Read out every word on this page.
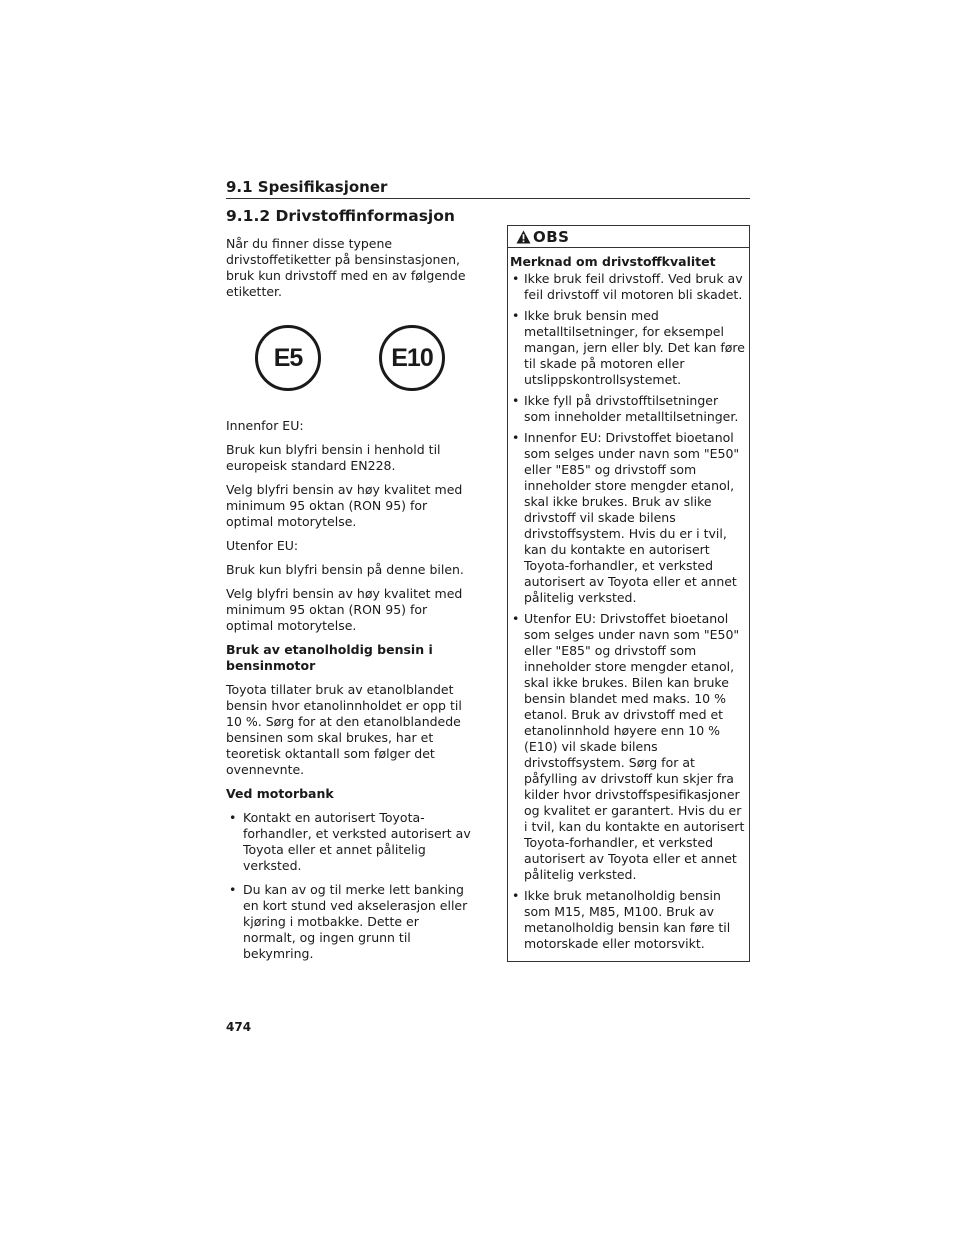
9.1 Spesifikasjoner
9.1.2 Drivstoffinformasjon

Når du finner disse typene drivstoffetiketter på bensinstasjonen, bruk kun drivstoff med en av følgende etiketter.

E5	E10

Innenfor EU:

Bruk kun blyfri bensin i henhold til europeisk standard EN228.

Velg blyfri bensin av høy kvalitet med minimum 95 oktan (RON 95) for optimal motorytelse.

Utenfor EU:

Bruk kun blyfri bensin på denne bilen.

Velg blyfri bensin av høy kvalitet med minimum 95 oktan (RON 95) for optimal motorytelse.

Bruk av etanolholdig bensin i bensinmotor

Toyota tillater bruk av etanolblandet bensin hvor etanolinnholdet er opp til 10 %. Sørg for at den etanolblandede bensinen som skal brukes, har et teoretisk oktantall som følger det ovennevnte.

Ved motorbank

• Kontakt en autorisert Toyota-forhandler, et verksted autorisert av Toyota eller et annet pålitelig verksted.
• Du kan av og til merke lett banking en kort stund ved akselerasjon eller kjøring i motbakke. Dette er normalt, og ingen grunn til bekymring.
OBS
Merknad om drivstoffkvalitet
• Ikke bruk feil drivstoff. Ved bruk av feil drivstoff vil motoren bli skadet.
• Ikke bruk bensin med metalltilsetninger, for eksempel mangan, jern eller bly. Det kan føre til skade på motoren eller utslippskontrollsystemet.
• Ikke fyll på drivstofftilsetninger som inneholder metalltilsetninger.
• Innenfor EU: Drivstoffet bioetanol som selges under navn som "E50" eller "E85" og drivstoff som inneholder store mengder etanol, skal ikke brukes. Bruk av slike drivstoff vil skade bilens drivstoffsystem. Hvis du er i tvil, kan du kontakte en autorisert Toyota-forhandler, et verksted autorisert av Toyota eller et annet pålitelig verksted.
• Utenfor EU: Drivstoffet bioetanol som selges under navn som "E50" eller "E85" og drivstoff som inneholder store mengder etanol, skal ikke brukes. Bilen kan bruke bensin blandet med maks. 10 % etanol. Bruk av drivstoff med et etanolinnhold høyere enn 10 % (E10) vil skade bilens drivstoffsystem. Sørg for at påfylling av drivstoff kun skjer fra kilder hvor drivstoffspesifikasjoner og kvalitet er garantert. Hvis du er i tvil, kan du kontakte en autorisert Toyota-forhandler, et verksted autorisert av Toyota eller et annet pålitelig verksted.
• Ikke bruk metanolholdig bensin som M15, M85, M100. Bruk av metanolholdig bensin kan føre til motorskade eller motorsvikt.
474
